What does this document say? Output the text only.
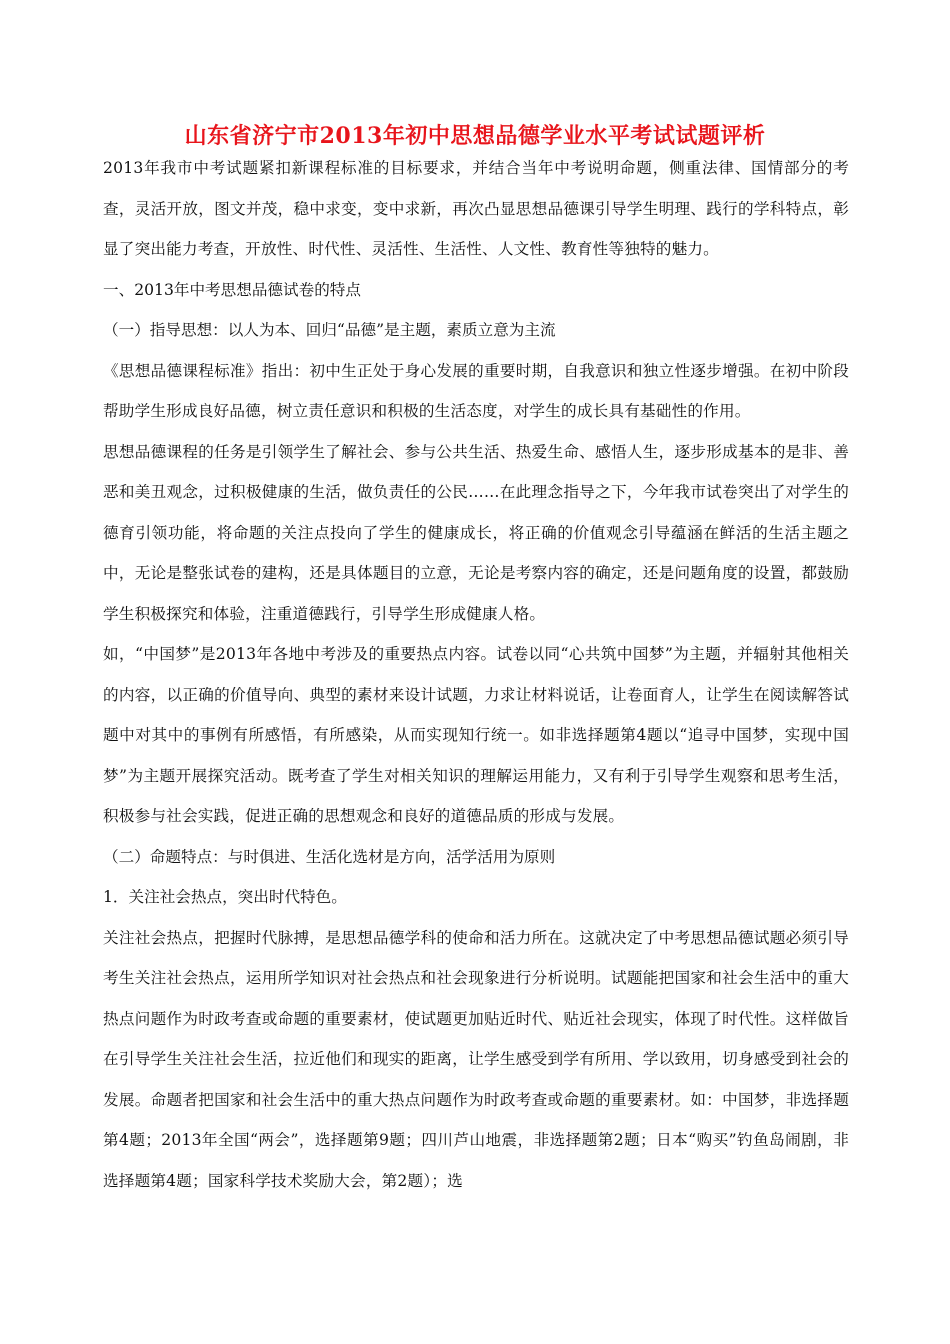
山东省济宁市2013年初中思想品德学业水平考试试题评析

2013年我市中考试题紧扣新课程标准的目标要求，并结合当年中考说明命题，侧重法律、国情部分的考查，灵活开放，图文并茂，稳中求变，变中求新，再次凸显思想品德课引导学生明理、践行的学科特点，彰显了突出能力考查，开放性、时代性、灵活性、生活性、人文性、教育性等独特的魅力。

一、2013年中考思想品德试卷的特点

（一）指导思想：以人为本、回归“品德”是主题，素质立意为主流

《思想品德课程标准》指出：初中生正处于身心发展的重要时期，自我意识和独立性逐步增强。在初中阶段帮助学生形成良好品德，树立责任意识和积极的生活态度，对学生的成长具有基础性的作用。

思想品德课程的任务是引领学生了解社会、参与公共生活、热爱生命、感悟人生，逐步形成基本的是非、善恶和美丑观念，过积极健康的生活，做负责任的公民……在此理念指导之下，今年我市试卷突出了对学生的德育引领功能，将命题的关注点投向了学生的健康成长，将正确的价值观念引导蕴涵在鲜活的生活主题之中，无论是整张试卷的建构，还是具体题目的立意，无论是考察内容的确定，还是问题角度的设置，都鼓励学生积极探究和体验，注重道德践行，引导学生形成健康人格。

如，“中国梦”是2013年各地中考涉及的重要热点内容。试卷以同“心共筑中国梦”为主题，并辐射其他相关的内容，以正确的价值导向、典型的素材来设计试题，力求让材料说话，让卷面育人，让学生在阅读解答试题中对其中的事例有所感悟，有所感染，从而实现知行统一。如非选择题第4题以“追寻中国梦，实现中国梦”为主题开展探究活动。既考查了学生对相关知识的理解运用能力，又有利于引导学生观察和思考生活，积极参与社会实践，促进正确的思想观念和良好的道德品质的形成与发展。

（二）命题特点：与时俱进、生活化选材是方向，活学活用为原则

1．关注社会热点，突出时代特色。

关注社会热点，把握时代脉搏，是思想品德学科的使命和活力所在。这就决定了中考思想品德试题必须引导考生关注社会热点，运用所学知识对社会热点和社会现象进行分析说明。试题能把国家和社会生活中的重大热点问题作为时政考查或命题的重要素材，使试题更加贴近时代、贴近社会现实，体现了时代性。这样做旨在引导学生关注社会生活，拉近他们和现实的距离，让学生感受到学有所用、学以致用，切身感受到社会的发展。命题者把国家和社会生活中的重大热点问题作为时政考查或命题的重要素材。如：中国梦，非选择题第4题；2013年全国“两会”，选择题第9题；四川芦山地震，非选择题第2题；日本“购买”钓鱼岛闹剧，非选择题第4题；国家科学技术奖励大会，第2题）；选
